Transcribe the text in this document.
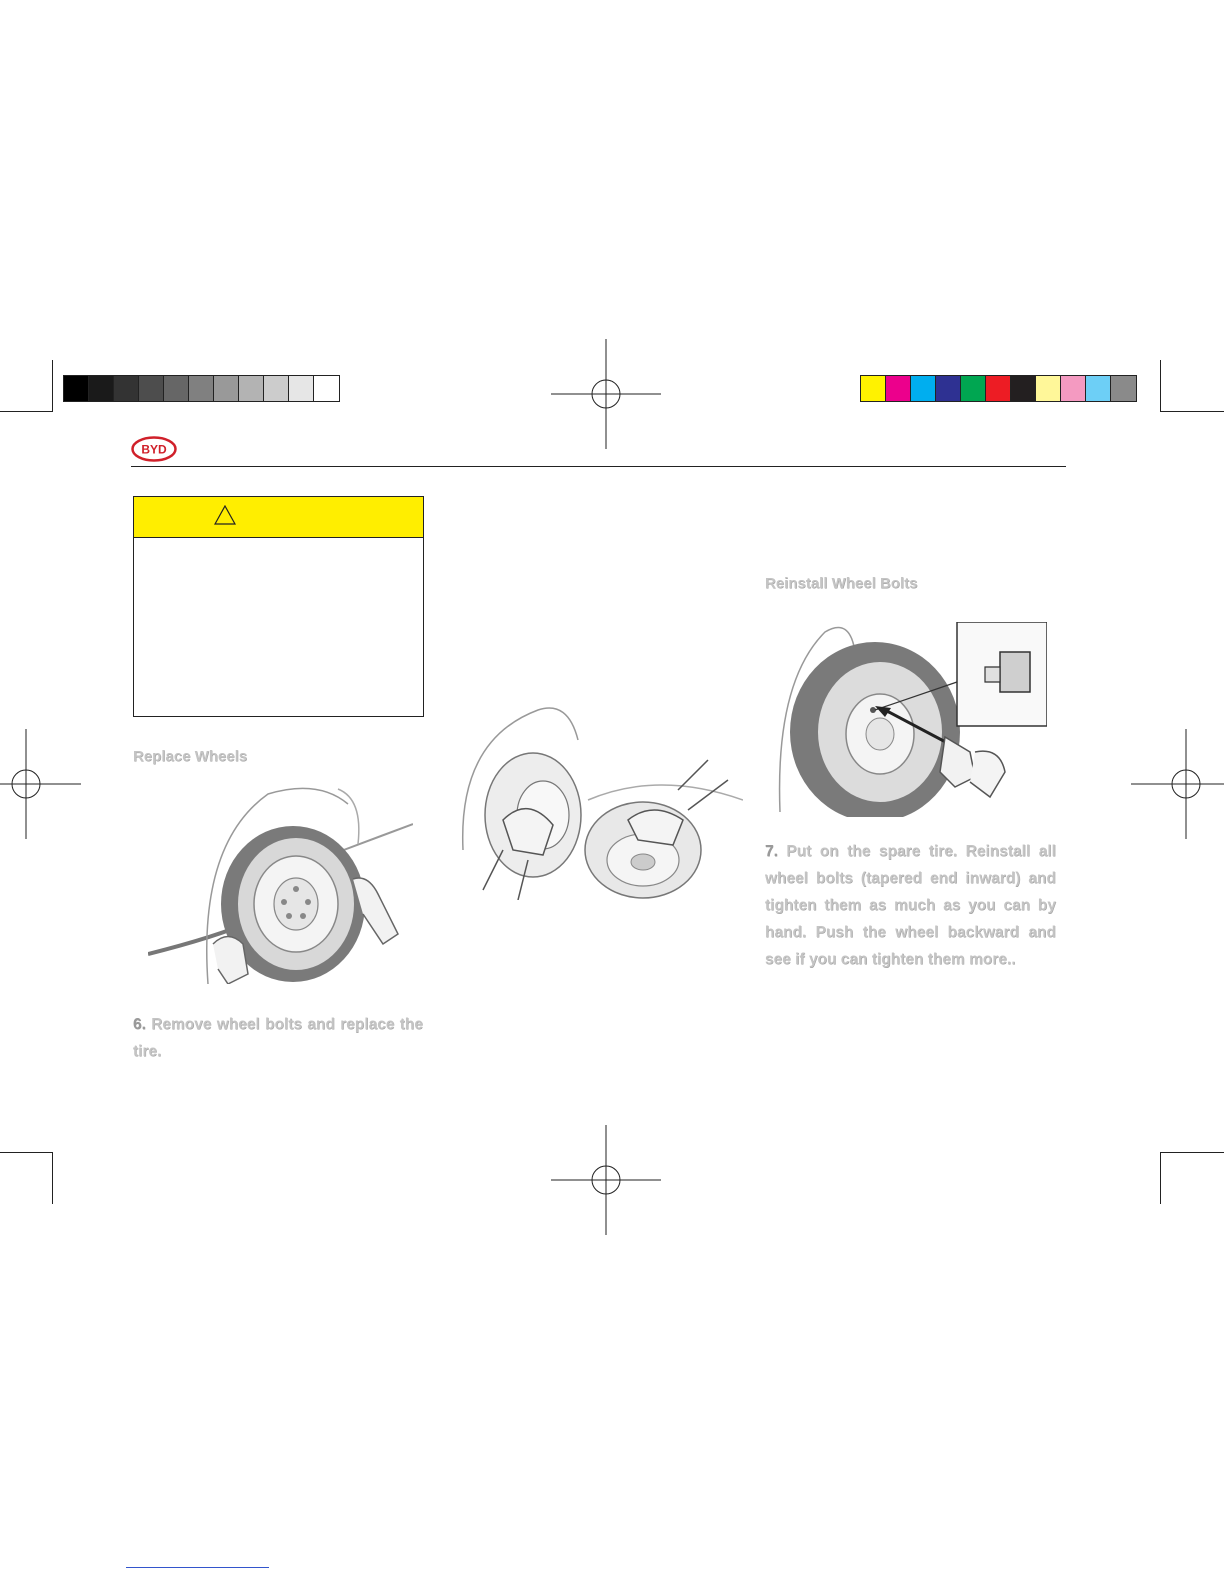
BYD
Replace Wheels
6. Remove wheel bolts and replace the tire.
Reinstall Wheel Bolts
7. Put on the spare tire. Reinstall all wheel bolts (tapered end inward) and tighten them as much as you can by hand. Push the wheel backward and see if you can tighten them more..
